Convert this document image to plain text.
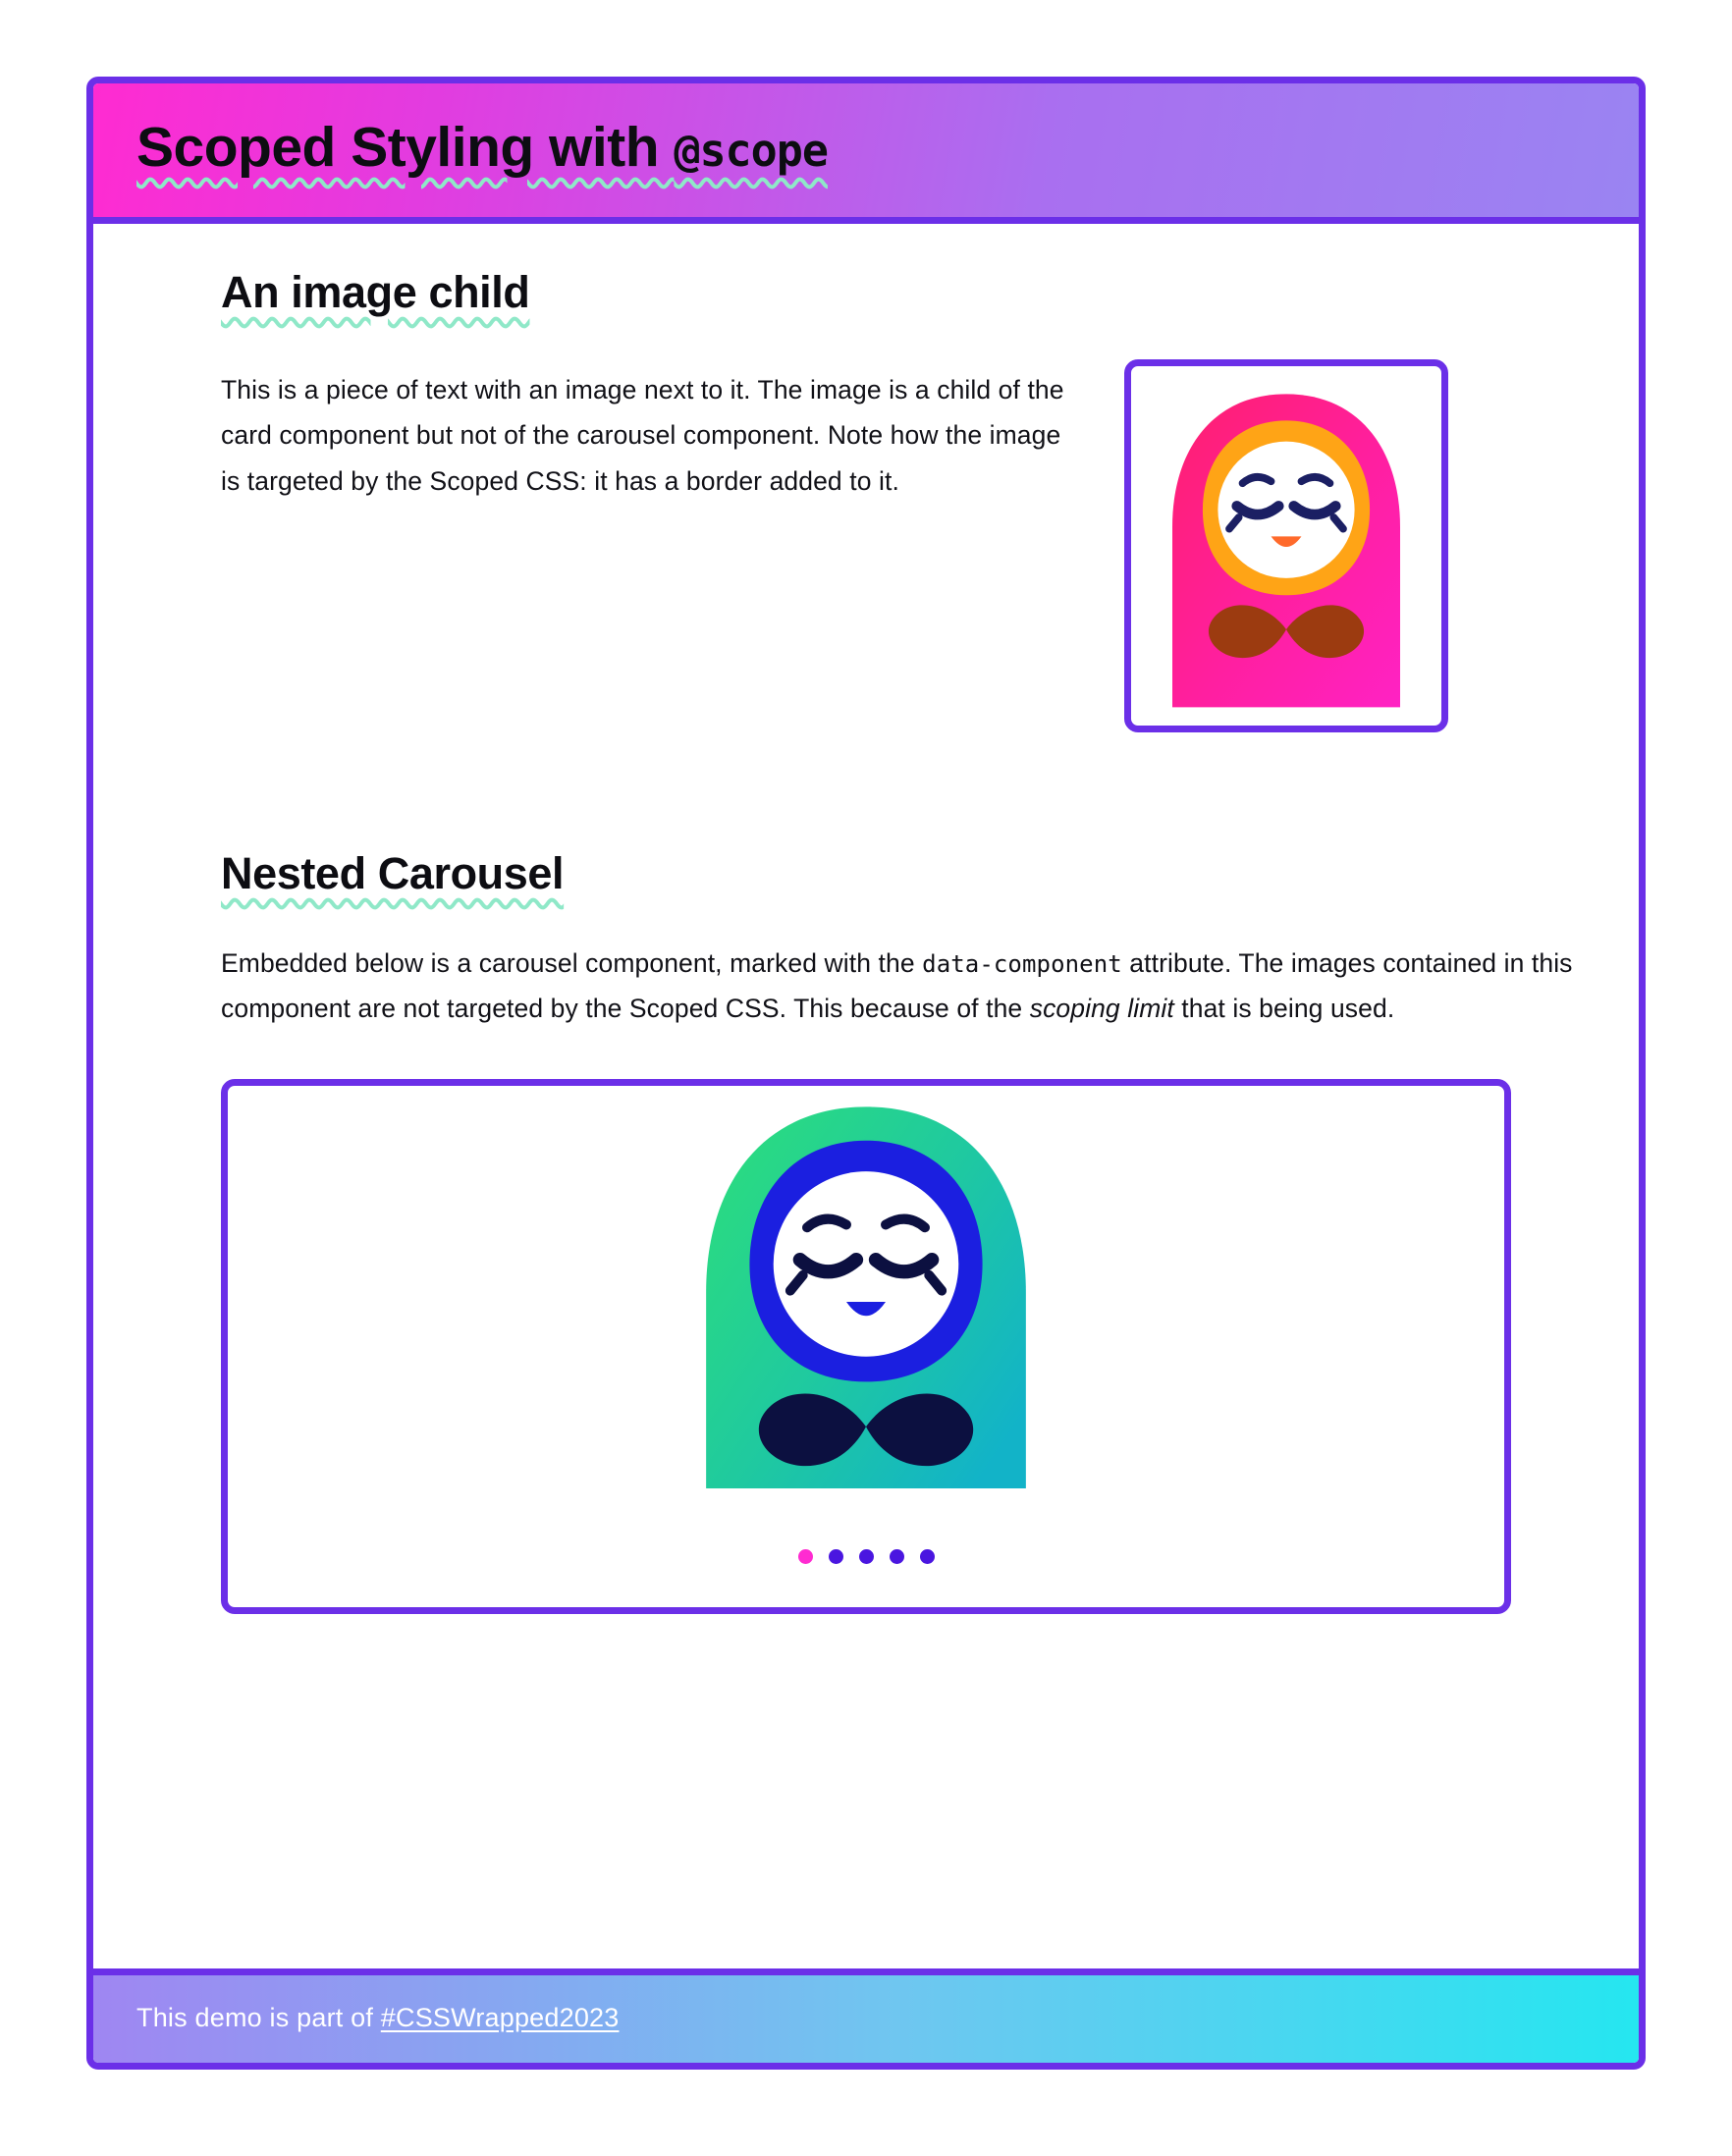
Scoped Styling with @scope
An image child

This is a piece of text with an image next to it. The image is a child of the card component but not of the carousel component. Note how the image is targeted by the Scoped CSS: it has a border added to it.

Nested Carousel

Embedded below is a carousel component, marked with the data-component attribute. The images contained in this component are not targeted by the Scoped CSS. This because of the scoping limit that is being used.

This demo is part of #CSSWrapped2023
